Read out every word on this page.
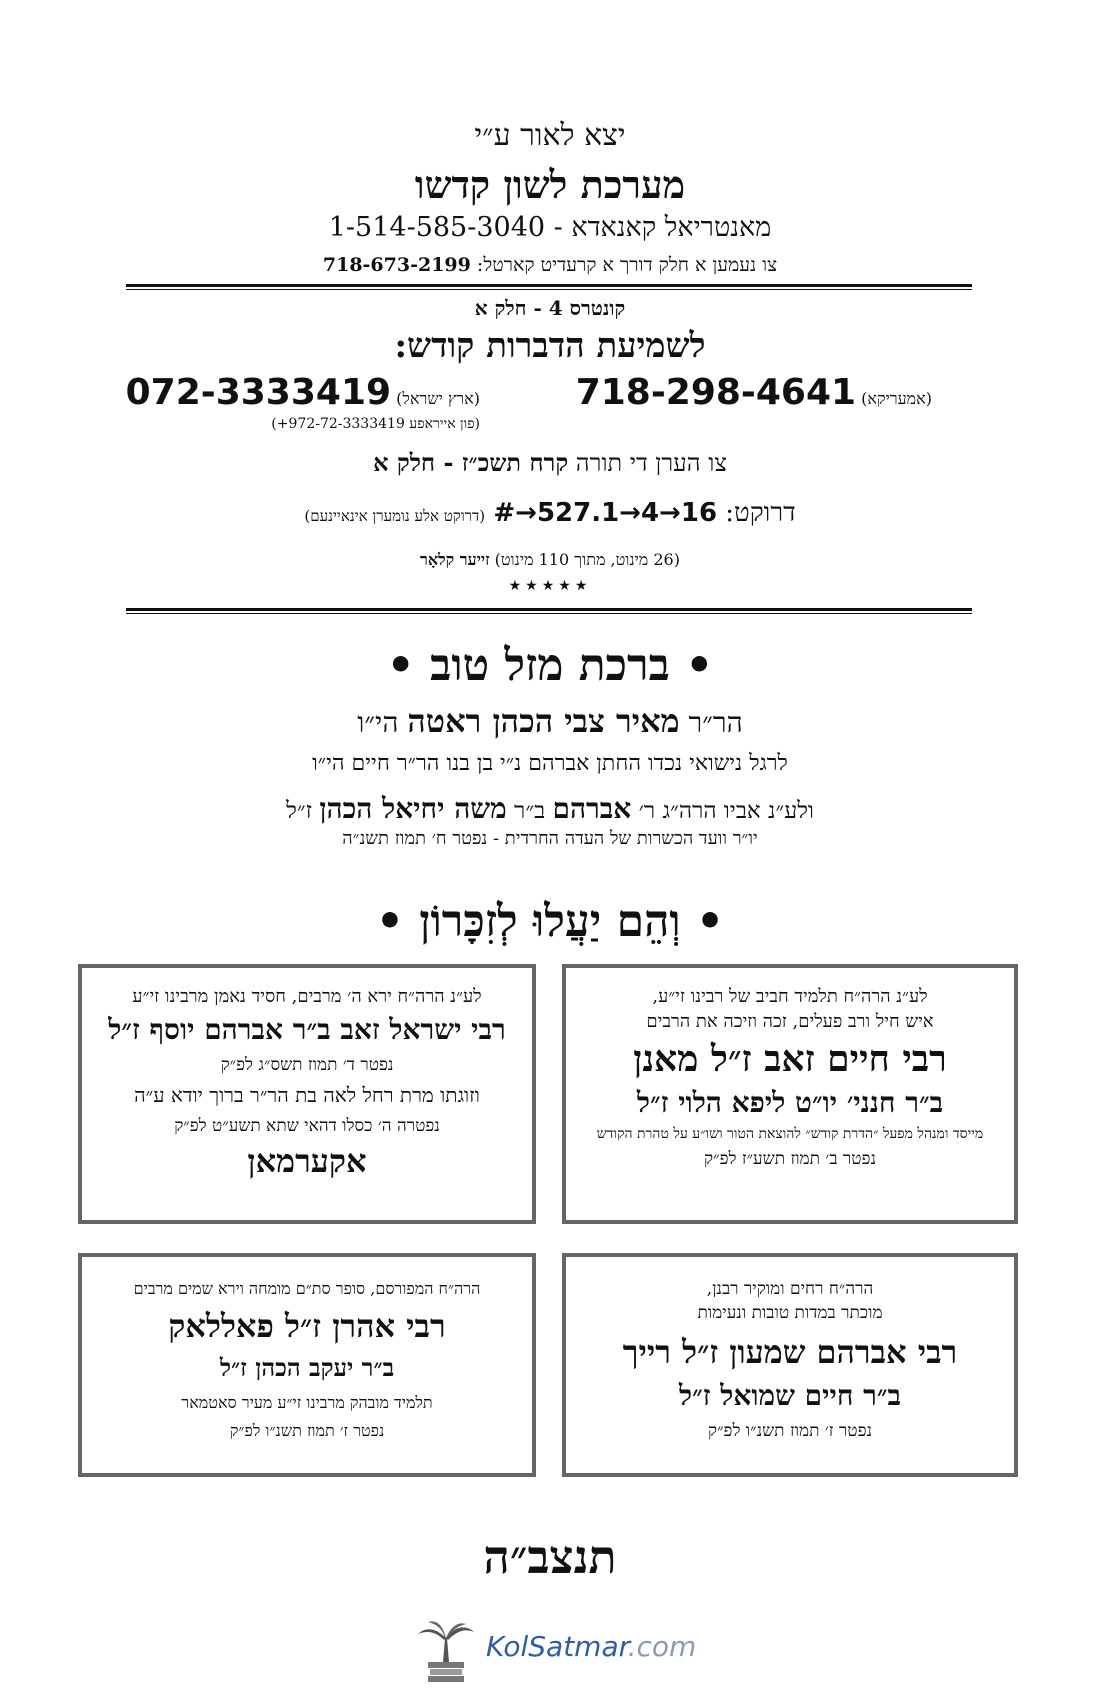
יצא לאור ע״י
מערכת לשון קדשו
מאנטריאל קאנאדא - 1-514-585-3040
צו נעמען א חלק דורך א קרעדיט קארטל: 718-673-2199
קונטרס 4 - חלק א
לשמיעת הדברות קודש:
(אמעריקא) 718-298-4641
(ארץ ישראל) 072-3333419
(פון אייראפע 972-72-3333419+)
צו הערן די תורה קרח תשכ״ז - חלק א
דרוקט: #→527.1→4→16 (דרוקט אלע נומערן אינאיינעם)
(26 מינוט, מתוך 110 מינוט) זייער קלאָר
★★★★★
• ברכת מזל טוב •
הר״ר מאיר צבי הכהן ראטה הי״ו
לרגל נישואי נכדו החתן אברהם נ״י בן בנו הר״ר חיים הי״ו
ולע״נ אביו הרה״ג ר׳ אברהם ב״ר משה יחיאל הכהן ז״ל
יו״ר וועד הכשרות של העדה החרדית - נפטר ח׳ תמוז תשנ״ה
• וְהֵם יַעֲלוּ לְזִכָּרוֹן •
לע״נ הרה״ח תלמיד חביב של רבינו זי״ע,
איש חיל ורב פעלים, זכה וזיכה את הרבים
רבי חיים זאב ז״ל מאנן
ב״ר חנני׳ יו״ט ליפא הלוי ז״ל
מייסד ומנהל מפעל ״הדרת קודש״ להוצאת הטור ושו״ע על טהרת הקודש
נפטר ב׳ תמוז תשע״ז לפ״ק
לע״נ הרה״ח ירא ה׳ מרבים, חסיד נאמן מרבינו זי״ע
רבי ישראל זאב ב״ר אברהם יוסף ז״ל
נפטר ד׳ תמוז תשס״ג לפ״ק
וזוגתו מרת רחל לאה בת הר״ר ברוך יודא ע״ה
נפטרה ה׳ כסלו דהאי שתא תשע״ט לפ״ק
אקערמאן
הרה״ח רחים ומוקיר רבנן,
מוכתר במדות טובות ונעימות
רבי אברהם שמעון ז״ל רייך
ב״ר חיים שמואל ז״ל
נפטר ז׳ תמוז תשנ״ו לפ״ק
הרה״ח המפורסם, סופר סת״ם מומחה וירא שמים מרבים
רבי אהרן ז״ל פאללאק
ב״ר יעקב הכהן ז״ל
תלמיד מובהק מרבינו זי״ע מעיר סאטמאר
נפטר ז׳ תמוז תשנ״ו לפ״ק
תנצב״ה
KolSatmar.com
